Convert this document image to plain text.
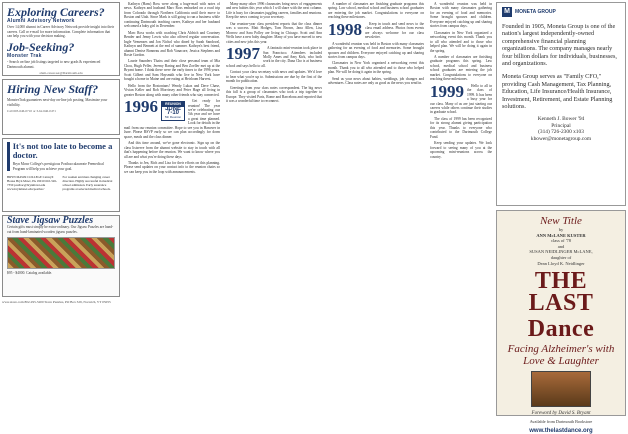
Exploring Careers?
Alumni Advisory Network

Over 14,000 alumni in Career Advisory Network provide insight into their careers. Call or e-mail for more information. Complete information that can help you with your decision making.

Job-Seeking?
Monster Trak

- Search on-line job listings targeted to new grads & experienced Dartmouth alumni.

alum-career.ser@Dartmouth.edu

Hiring New Staff?

MonsterTrak guarantees next-day on-line job posting. Maximize your visibility.

Call 603-646-0710 or 3-hn 646-0471

It's not too late to become a doctor.

Bryn Mawr College's prestigious Postbaccalaureate Premedical Program will help you achieve your goal.

BRYN MAWR COLLEGE Canwyll House Bryn Mawr, PA 19010 610-526-7350 postbac@brynmawr.edu www.brynmawr.edu/postbac/
For women and men changing career direction. Highly successful in medical school admission. Early assurance programs at selected medical schools.
Stave Jigsaw Puzzles

Certain gifts must simply be extra-ordinary. Our Jigsaw Puzzles are hand-cut from hand-laminated wooden jigsaw puzzles.

$95 - $4000. Catalog available.

www.stave.com 802-295-5200 Stave Puzzles, PO Box 329, Norwich, VT 05055

Kathryn (Hans) Ross were along a huge-mail with notes of news. Kathryn and husband Marc Ross embarked on a road trip from Colorado through Northern California until their move to Boston and Utah. Since Mark is still going to run a business while continuing Dartmouth teaching career, Kathryn and her husband welcomed a baby girl in December.

Marc Ross works with coaching Chris Aldrich and Courtney Bender and Jenny Lewis who also offered regular conversation. Ingle Vemenzes and Jon Nichol who dined by Sarah Sandoval, Kathryn and Bennett at the end of summer. Kathryn's best friend, alumni Denise Bonneau and Rob Vanacore, Jessica Stephens and Rosie Gordon.

Laurie Saunders Thaiss and their close personal team of Mia Chou, Hugh Peller, Jeremy Baring and Ben Zoeller met up at the Bryant home. I think these were the early times to the 1996 years. Scott Gilbert and Sam Haysmith who live in New York have bought a home in Maine and are eating at Heirloom Harvest.

Hello from the Bostonians! Wendy Lukas and Dave Chase, Vivian Keller and Rob Morrissey and Peter Hage all living in greater Boston along with many other friends who stay connected.

1996	REUNION
JUNE 7-10
5th Reunion

Get ready for reunion! The year we're celebrating our 5th year and we have a great time planned. Look for details in the mail from our reunion committee. Hope to see you in Hanover in June. Please RSVP early so we can plan accordingly for dorm space, meals and the class dinner.

And this time around, we've gone electronic. Sign up on the class listserve from the alumni website to stay in touch with all that's happening before the reunion. We want to know where you all are and what you're doing these days.

Thanks to Jen, Rich and Lisa for their efforts on this planning. Please send updates on your contact info to the reunion chairs so we can keep you in the loop with announcements.

Many many other 1996 classmates bring news of engagements and new babies this year which I will share with the next column. Life is busy for classmates juggling careers, families and reunions. Keep the news coming to your secretary.

Our reunion-year class president reports that the class dinner was a success. Matt Hodges, Tom Brown, Jana Allen, Lisa Morrow and Sara Polley are living in Chicago. Scott and Ann Wells have a new baby daughter. Many of you have moved to new cities and new jobs this year.

1997	A fantastic mini-reunion took place in San Francisco. Attendees included Molly Ames and Amy Kirk, who both work in the city. Dana Cho is at business school and says hello to all.

Contact your class secretary with news and updates. We'd love to hear what you're up to. Submissions are due by the first of the month for publication.

Greetings from your class notes correspondent. The big news this fall is a group of classmates who took a trip together to Europe. They visited Paris, Rome and Barcelona and reported that it was a wonderful time to reconnect.

A number of classmates are finishing graduate programs this spring. Law school, medical school and business school graduates are entering the job market. Congratulations to everyone on reaching these milestones.

1998	Keep in touch and send news to the class email address. Photos from events are always welcome for our class newsletter.

A wonderful reunion was held in Boston with many classmates gathering for an evening of food and memories. Some brought spouses and children. Everyone enjoyed catching up and sharing stories from campus days.

Classmates in New York organized a networking event this month. Thank you to all who attended and to those who helped plan. We will be doing it again in the spring.

Send us your news about babies, weddings, job changes and adventures. Class notes are only as good as the news you send in.

A wonderful reunion was held in Boston with many classmates gathering for an evening of food and memories. Some brought spouses and children. Everyone enjoyed catching up and sharing stories from campus days.

Classmates in New York organized a networking event this month. Thank you to all who attended and to those who helped plan. We will be doing it again in the spring.

A number of classmates are finishing graduate programs this spring. Law school, medical school and business school graduates are entering the job market. Congratulations to everyone on reaching these milestones.

1999	Hello to all in the class of 1999. It has been a busy year for our class. Many of us are just starting our careers while others continue their studies in graduate school.

The class of 1999 has been recognized for its strong alumni giving participation this year. Thanks to everyone who contributed to the Dartmouth College Fund.

Keep sending your updates. We look forward to seeing many of you at the upcoming mini-reunions across the country.

M	MONETA GROUP

Founded in 1905, Moneta Group is one of the nation's largest independently-owned comprehensive financial planning organizations. The company manages nearly four billion dollars for individuals, businesses, and organizations.

Moneta Group serves as "Family CFO," providing Cash Management, Tax Planning, Education, Life Insurance/Health Insurance, Investment, Retirement, and Estate Planning solutions.

Kenneth J. Bower '94
Principal
(314) 726-2300 x103
kbower@monetagroup.com
New Title
by
ANN McLANE KUSTER
class of '78
and
SUSAN NEIDLINGER McLANE,
daughter of
Dean Lloyd K. Neidlinger
THE LAST
Dance
Facing Alzheimer's with Love & Laughter
Foreword by David S. Bryant
Available from Dartmouth Bookstore
www.thelastdance.org
